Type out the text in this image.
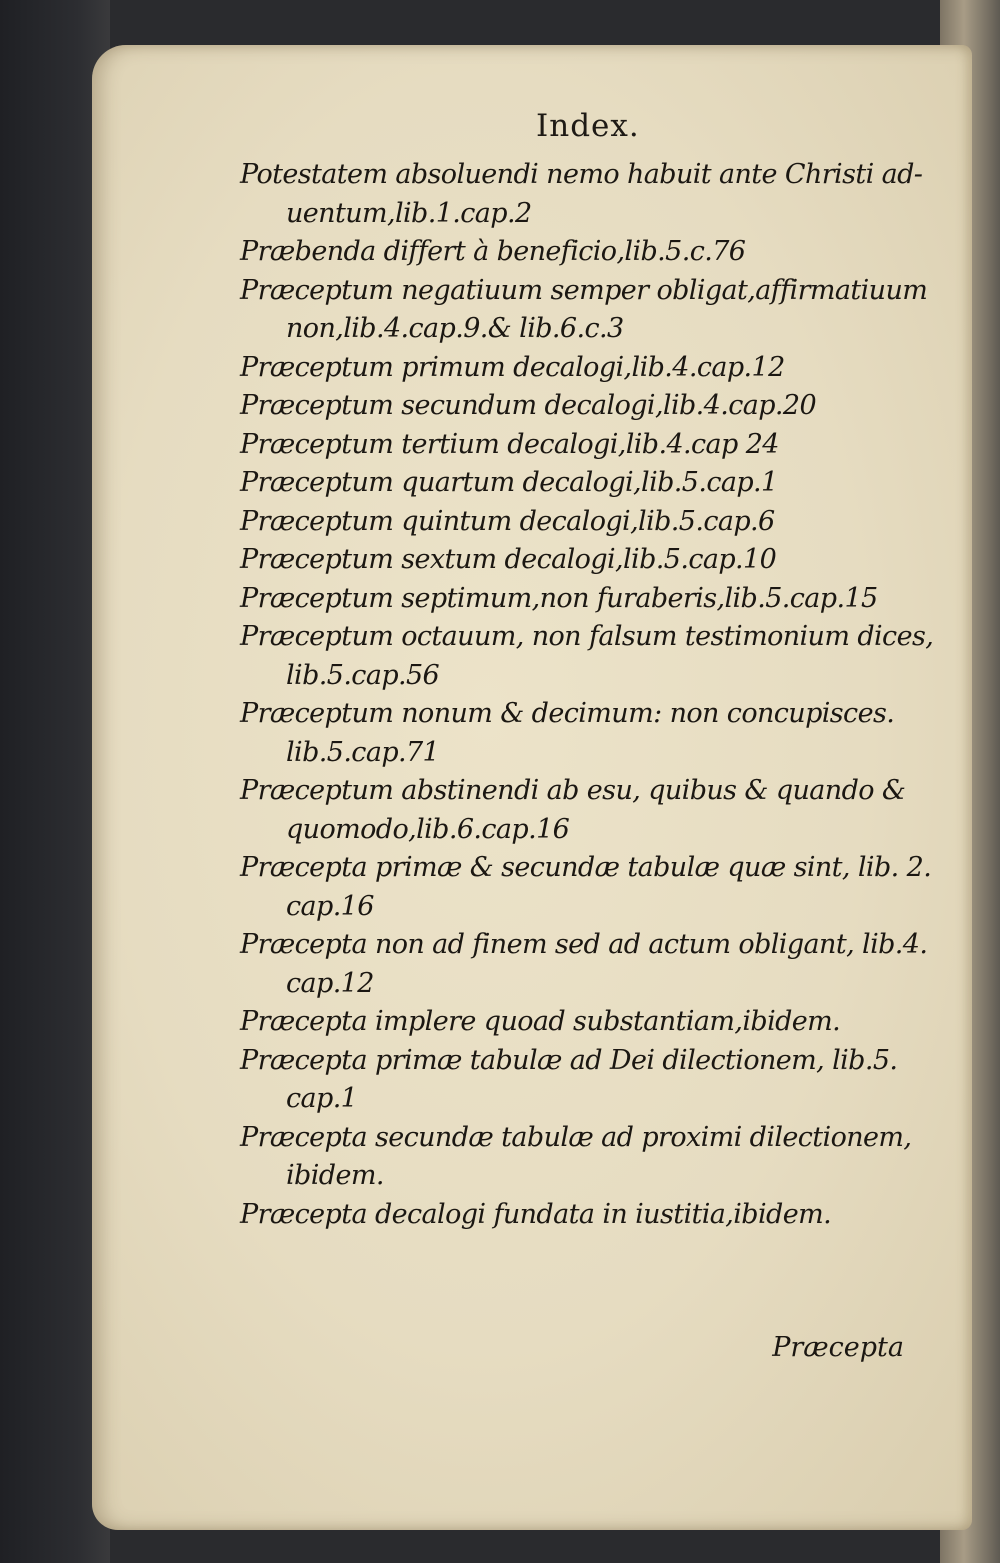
Index.
Potestatem absoluendi nemo habuit ante Christi ad-
uentum,lib.1.cap.2
Præbenda differt à beneficio,lib.5.c.76
Præceptum negatiuum semper obligat,affirmatiuum
non,lib.4.cap.9.& lib.6.c.3
Præceptum primum decalogi,lib.4.cap.12
Præceptum secundum decalogi,lib.4.cap.20
Præceptum tertium decalogi,lib.4.cap 24
Præceptum quartum decalogi,lib.5.cap.1
Præceptum quintum decalogi,lib.5.cap.6
Præceptum sextum decalogi,lib.5.cap.10
Præceptum septimum,non furaberis,lib.5.cap.15
Præceptum octauum, non falsum testimonium dices,
lib.5.cap.56
Præceptum nonum & decimum: non concupisces.
lib.5.cap.71
Præceptum abstinendi ab esu, quibus & quando &
quomodo,lib.6.cap.16
Præcepta primæ & secundæ tabulæ quæ sint, lib. 2.
cap.16
Præcepta non ad finem sed ad actum obligant, lib.4.
cap.12
Præcepta implere quoad substantiam,ibidem.
Præcepta primæ tabulæ ad Dei dilectionem, lib.5.
cap.1
Præcepta secundæ tabulæ ad proximi dilectionem,
ibidem.
Præcepta decalogi fundata in iustitia,ibidem.
Præcepta
